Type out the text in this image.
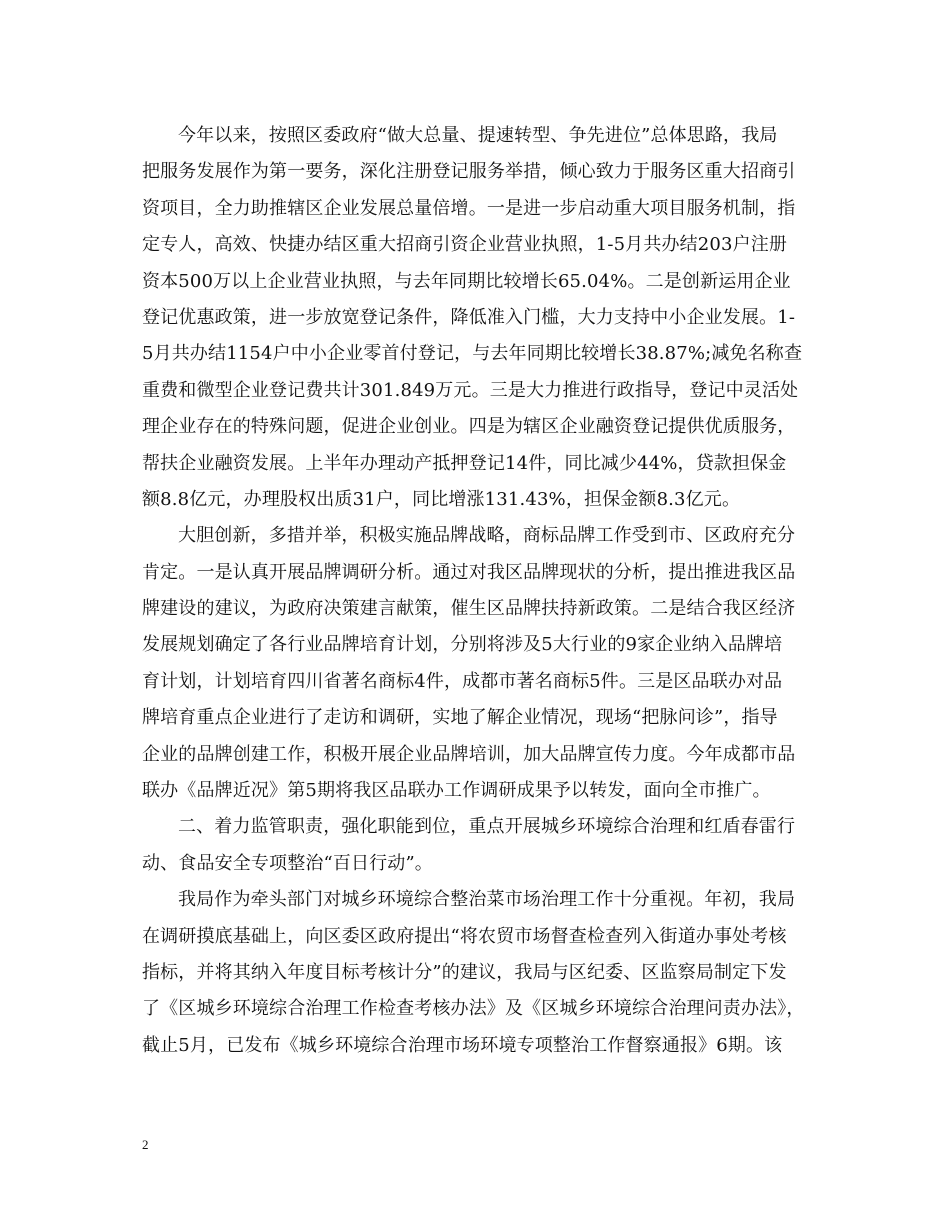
今年以来，按照区委政府“做大总量、提速转型、争先进位”总体思路，我局
把服务发展作为第一要务，深化注册登记服务举措，倾心致力于服务区重大招商引
资项目，全力助推辖区企业发展总量倍增。一是进一步启动重大项目服务机制，指
定专人，高效、快捷办结区重大招商引资企业营业执照，1-5月共办结203户注册
资本500万以上企业营业执照，与去年同期比较增长65.04%。二是创新运用企业
登记优惠政策，进一步放宽登记条件，降低准入门槛，大力支持中小企业发展。1-
5月共办结1154户中小企业零首付登记，与去年同期比较增长38.87%;减免名称查
重费和微型企业登记费共计301.849万元。三是大力推进行政指导，登记中灵活处
理企业存在的特殊问题，促进企业创业。四是为辖区企业融资登记提供优质服务，
帮扶企业融资发展。上半年办理动产抵押登记14件，同比减少44%，贷款担保金
额8.8亿元，办理股权出质31户，同比增涨131.43%，担保金额8.3亿元。
大胆创新，多措并举，积极实施品牌战略，商标品牌工作受到市、区政府充分
肯定。一是认真开展品牌调研分析。通过对我区品牌现状的分析，提出推进我区品
牌建设的建议，为政府决策建言献策，催生区品牌扶持新政策。二是结合我区经济
发展规划确定了各行业品牌培育计划，分别将涉及5大行业的9家企业纳入品牌培
育计划，计划培育四川省著名商标4件，成都市著名商标5件。三是区品联办对品
牌培育重点企业进行了走访和调研，实地了解企业情况，现场“把脉问诊”，指导
企业的品牌创建工作，积极开展企业品牌培训，加大品牌宣传力度。今年成都市品
联办《品牌近况》第5期将我区品联办工作调研成果予以转发，面向全市推广。
二、着力监管职责，强化职能到位，重点开展城乡环境综合治理和红盾春雷行
动、食品安全专项整治“百日行动”。
我局作为牵头部门对城乡环境综合整治菜市场治理工作十分重视。年初，我局
在调研摸底基础上，向区委区政府提出“将农贸市场督查检查列入街道办事处考核
指标，并将其纳入年度目标考核计分”的建议，我局与区纪委、区监察局制定下发
了《区城乡环境综合治理工作检查考核办法》及《区城乡环境综合治理问责办法》，
截止5月，已发布《城乡环境综合治理市场环境专项整治工作督察通报》6期。该
2
